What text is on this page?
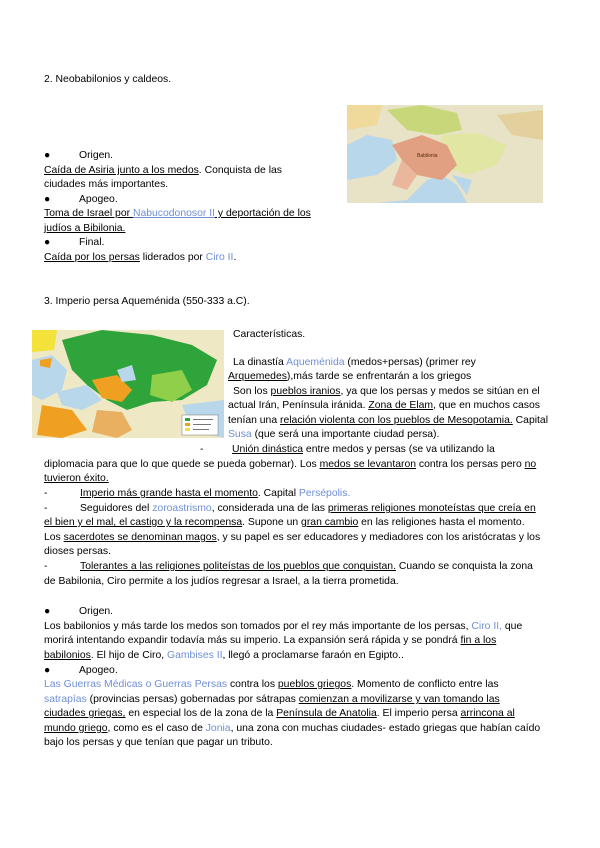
2. Neobabilonios y caldeos.
Babilonia
●	Origen.
Caída de Asiria junto a los medos. Conquista de las
ciudades más importantes.
●	Apogeo.
Toma de Israel por Nabucodonosor II y deportación de los
judíos a Bibilonia.
●	Final.
Caída por los persas liderados por Ciro II.
3. Imperio persa Aqueménida (550-333 a.C).
Características.
La dinastía Aqueménida (medos+persas) (primer rey
Arquemedes),más tarde se enfrentarán a los griegos
Son los pueblos iranios, ya que los persas y medos se sitúan en el
actual Irán, Península iránida. Zona de Elam, que en muchos casos
tenían una relación violenta con los pueblos de Mesopotamia. Capital
Susa (que será una importante ciudad persa).
-	Unión dinástica entre medos y persas (se va utilizando la
diplomacia para que lo que quede se pueda gobernar). Los medos se levantaron contra los persas pero no
tuvieron éxito.
-	Imperio más grande hasta el momento. Capital Persépolis.
-	Seguidores del zoroastrismo, considerada una de las primeras religiones monoteístas que creía en
el bien y el mal, el castigo y la recompensa. Supone un gran cambio en las religiones hasta el momento.
Los sacerdotes se denominan magos, y su papel es ser educadores y mediadores con los aristócratas y los
dioses persas.
-	Tolerantes a las religiones politeístas de los pueblos que conquistan. Cuando se conquista la zona
de Babilonia, Ciro permite a los judíos regresar a Israel, a la tierra prometida.
●	Origen.
Los babilonios y más tarde los medos son tomados por el rey más importante de los persas, Ciro II, que
morirá intentando expandir todavía más su imperio. La expansión será rápida y se pondrá fin a los
babilonios. El hijo de Ciro, Gambises II, llegó a proclamarse faraón en Egipto..
●	Apogeo.
Las Guerras Médicas o Guerras Persas contra los pueblos griegos. Momento de conflicto entre las
satrapías (provincias persas) gobernadas por sátrapas comienzan a movilizarse y van tomando las
ciudades griegas, en especial los de la zona de la Península de Anatolia. El imperio persa arrincona al
mundo griego, como es el caso de Jonia, una zona con muchas ciudades- estado griegas que habían caído
bajo los persas y que tenían que pagar un tributo.
